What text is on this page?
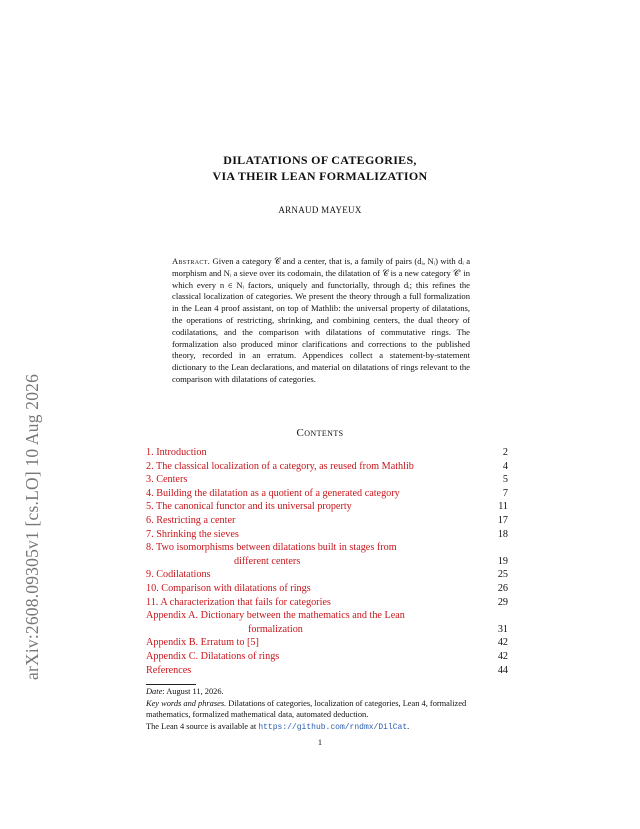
arXiv:2608.09305v1 [cs.LO] 10 Aug 2026
DILATATIONS OF CATEGORIES,
VIA THEIR LEAN FORMALIZATION
ARNAUD MAYEUX
Abstract. Given a category 𝒞 and a center, that is, a family of pairs (dᵢ, Nᵢ) with dᵢ a morphism and Nᵢ a sieve over its codomain, the dilatation of 𝒞 is a new category 𝒞′ in which every n ∈ Nᵢ factors, uniquely and functorially, through dᵢ; this refines the classical localization of categories. We present the theory through a full formalization in the Lean 4 proof assistant, on top of Mathlib: the universal property of dilatations, the operations of restricting, shrinking, and combining centers, the dual theory of codilatations, and the comparison with dilatations of commutative rings. The formalization also produced minor clarifications and corrections to the published theory, recorded in an erratum. Appendices collect a statement-by-statement dictionary to the Lean declarations, and material on dilatations of rings relevant to the comparison with dilatations of categories.
Contents
1. Introduction	2
2. The classical localization of a category, as reused from Mathlib	4
3. Centers	5
4. Building the dilatation as a quotient of a generated category	7
5. The canonical functor and its universal property	11
6. Restricting a center	17
7. Shrinking the sieves	18
8. Two isomorphisms between dilatations built in stages from
different centers	19
9. Codilatations	25
10. Comparison with dilatations of rings	26
11. A characterization that fails for categories	29
Appendix A. Dictionary between the mathematics and the Lean
formalization	31
Appendix B. Erratum to [5]	42
Appendix C. Dilatations of rings	42
References	44

Date: August 11, 2026.

Key words and phrases. Dilatations of categories, localization of categories, Lean 4, formalized mathematics, formalized mathematical data, automated deduction.

The Lean 4 source is available at https://github.com/rndmx/DilCat.

1
